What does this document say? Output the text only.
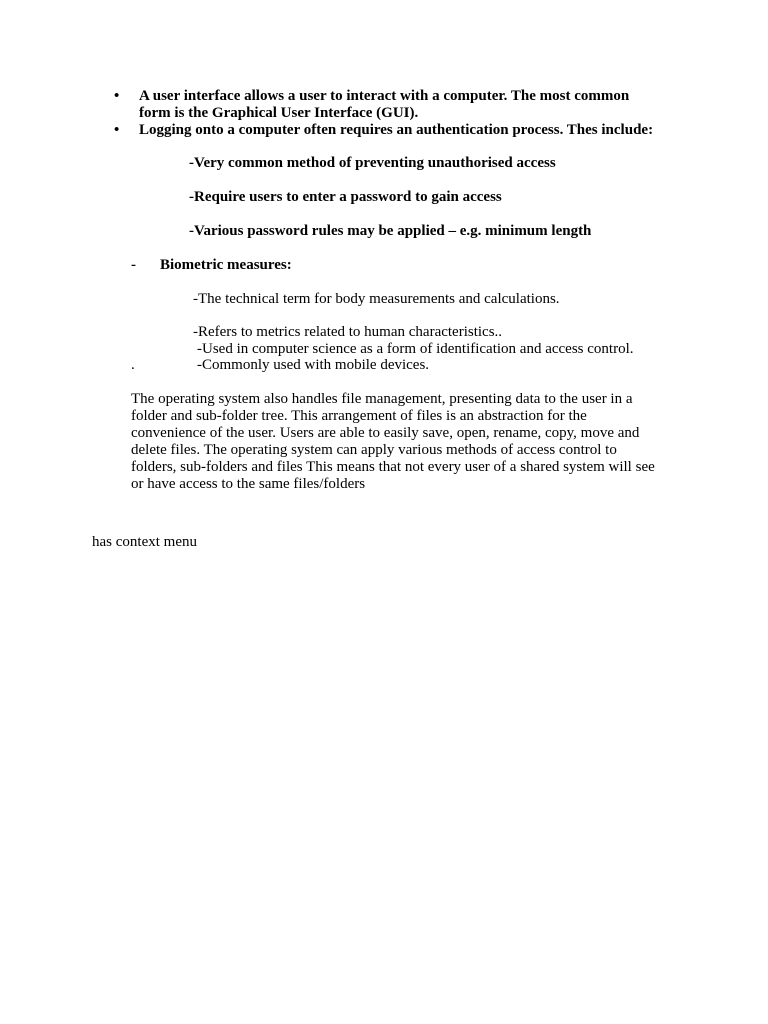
• A user interface allows a user to interact with a computer. The most common
form is the Graphical User Interface (GUI).
• Logging onto a computer often requires an authentication process. Thes include:
-Very common method of preventing unauthorised access
-Require users to enter a password to gain access
-Various password rules may be applied – e.g. minimum length
- Biometric measures:
-The technical term for body measurements and calculations.
-Refers to metrics related to human characteristics..
-Used in computer science as a form of identification and access control.
.	-Commonly used with mobile devices.
The operating system also handles file management, presenting data to the user in a
folder and sub-folder tree. This arrangement of files is an abstraction for the
convenience of the user. Users are able to easily save, open, rename, copy, move and
delete files. The operating system can apply various methods of access control to
folders, sub-folders and files This means that not every user of a shared system will see
or have access to the same files/folders
has context menu
